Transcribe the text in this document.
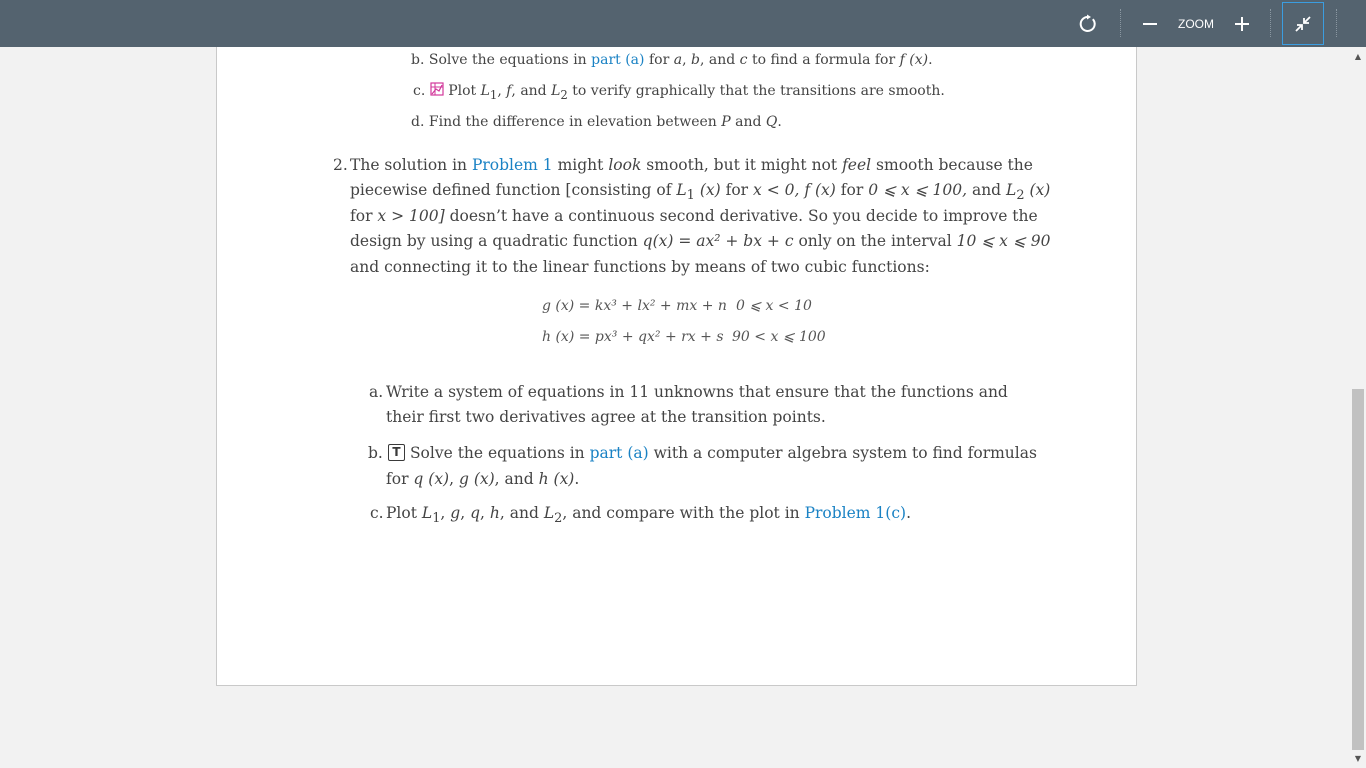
ZOOM
b. Solve the equations in part (a) for a, b, and c to find a formula for f (x).
c. Plot $L_1$, f, and $L_2$ to verify graphically that the transitions are smooth.
d. Find the difference in elevation between P and Q.
2. The solution in Problem 1 might look smooth, but it might not feel smooth because the
piecewise defined function [consisting of $L_1$ (x) for x < 0, f (x) for 0 ⩽ x ⩽ 100, and $L_2$ (x)
for x > 100] doesn’t have a continuous second derivative. So you decide to improve the
design by using a quadratic function q(x) = ax² + bx + c only on the interval 10 ⩽ x ⩽ 90
and connecting it to the linear functions by means of two cubic functions:
g (x) = kx³ + lx² + mx + n 0 ⩽ x < 10
h (x) = px³ + qx² + rx + s 90 < x ⩽ 100
a. Write a system of equations in 11 unknowns that ensure that the functions and
their first two derivatives agree at the transition points.
b. T Solve the equations in part (a) with a computer algebra system to find formulas
for q (x), g (x), and h (x).
c. Plot $L_1$, g, q, h, and $L_2$, and compare with the plot in Problem 1(c).
▲
▼
